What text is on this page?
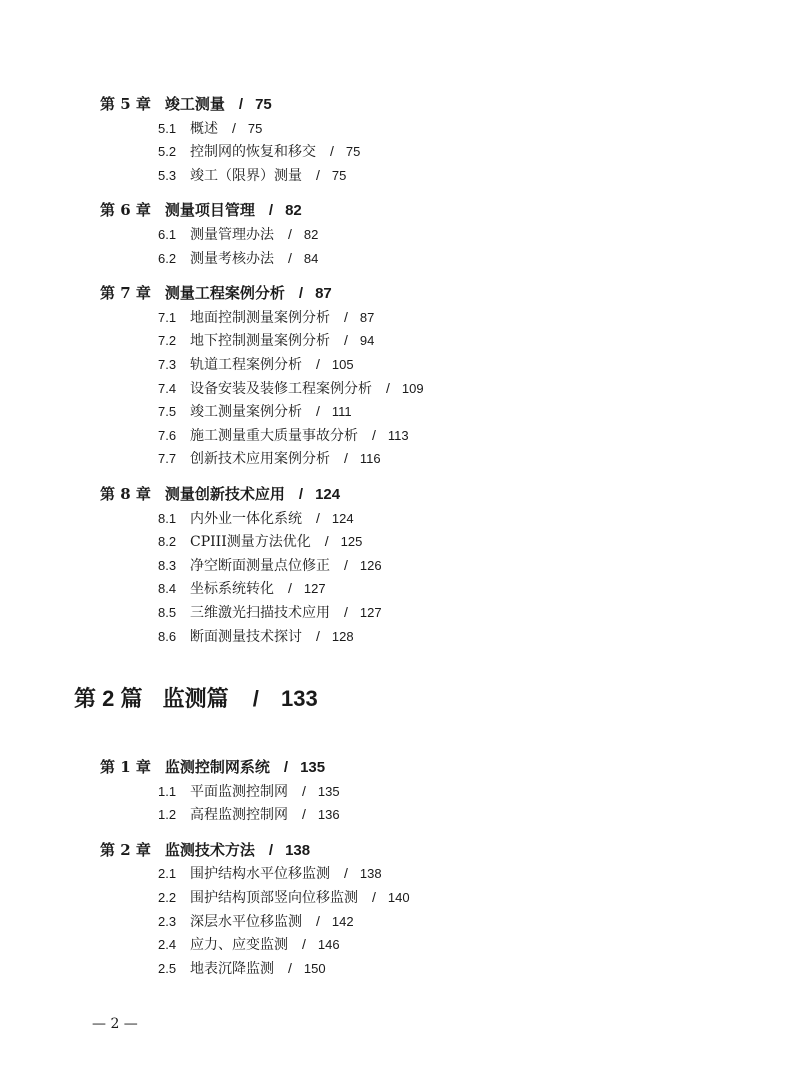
第 5 章 竣工测量 / 75
5.1 概述 / 75
5.2 控制网的恢复和移交 / 75
5.3 竣工（限界）测量 / 75
第 6 章 测量项目管理 / 82
6.1 测量管理办法 / 82
6.2 测量考核办法 / 84
第 7 章 测量工程案例分析 / 87
7.1 地面控制测量案例分析 / 87
7.2 地下控制测量案例分析 / 94
7.3 轨道工程案例分析 / 105
7.4 设备安装及装修工程案例分析 / 109
7.5 竣工测量案例分析 / 111
7.6 施工测量重大质量事故分析 / 113
7.7 创新技术应用案例分析 / 116
第 8 章 测量创新技术应用 / 124
8.1 内外业一体化系统 / 124
8.2 CPIII测量方法优化 / 125
8.3 净空断面测量点位修正 / 126
8.4 坐标系统转化 / 127
8.5 三维激光扫描技术应用 / 127
8.6 断面测量技术探讨 / 128
第 1 章 监测控制网系统 / 135
1.1 平面监测控制网 / 135
1.2 高程监测控制网 / 136
第 2 章 监测技术方法 / 138
2.1 围护结构水平位移监测 / 138
2.2 围护结构顶部竖向位移监测 / 140
2.3 深层水平位移监测 / 142
2.4 应力、应变监测 / 146
2.5 地表沉降监测 / 150
第 2 篇 监测篇 / 133
— 2 —
